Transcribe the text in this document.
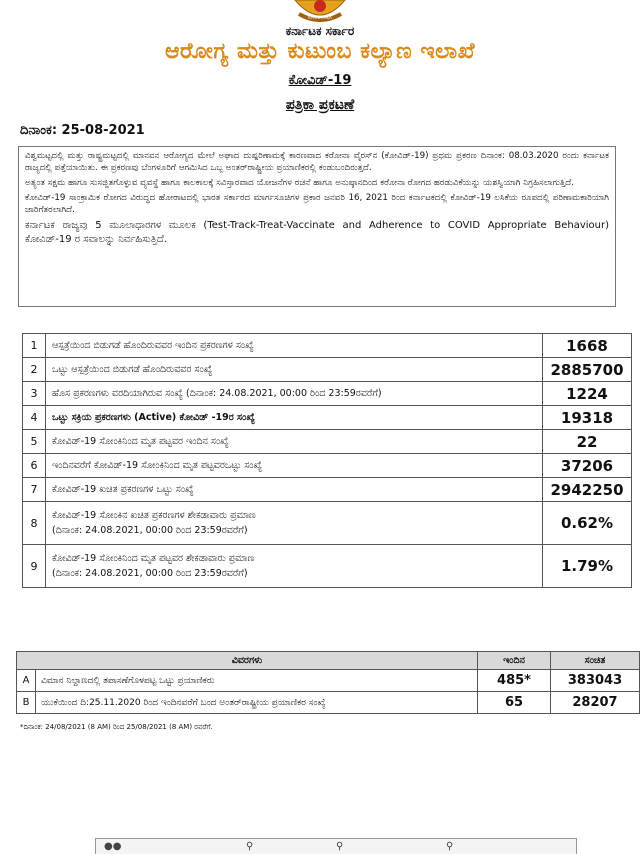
KARNATAKA
ಕರ್ನಾಟಕ ಸರ್ಕಾರ
ಆರೋಗ್ಯ ಮತ್ತು ಕುಟುಂಬ ಕಲ್ಯಾಣ ಇಲಾಖೆ
ಕೋವಿಡ್-19
ಪತ್ರಿಕಾ ಪ್ರಕಟಣೆ
ದಿನಾಂಕ: 25-08-2021

ವಿಶ್ವಮಟ್ಟದಲ್ಲಿ ಮತ್ತು ರಾಷ್ಟ್ರಮಟ್ಟದಲ್ಲಿ ಮಾನವನ ಆರೋಗ್ಯದ ಮೇಲೆ ಅಘಾದ ದುಷ್ಪರಿಣಾಮಕ್ಕೆ ಕಾರಣವಾದ ಕರೋನಾ ವೈರಸ್‌ನ (ಕೋವಿಡ್-19) ಪ್ರಥಮ ಪ್ರಕರಣ ದಿನಾಂಕ: 08.03.2020 ರಂದು ಕರ್ನಾಟಕ ರಾಜ್ಯದಲ್ಲಿ ಪತ್ತೆಯಾಯಿತು. ಈ ಪ್ರಕರಣವು ಬೆಂಗಳೂರಿಗೆ ಆಗಮಿಸಿದ ಒಬ್ಬ ಅಂತರ್‌ರಾಷ್ಟ್ರೀಯ ಪ್ರಯಾಣಿಕರಲ್ಲಿ ಕಂಡುಬಂದಿರುತ್ತದೆ.

ಅತ್ಯಂತ ಸಕ್ಷಮ ಹಾಗೂ ಸುಸಜ್ಜಿತಗೊಳ್ಳುವ ವ್ಯವಸ್ಥೆ ಹಾಗೂ ಕಾಲಕಾಲಕ್ಕೆ ಸವಿಸ್ತಾರವಾದ ಯೋಜನೆಗಳ ರಚನೆ ಹಾಗೂ ಅನುಷ್ಠಾನದಿಂದ ಕರೋನಾ ರೋಗದ ಹರಡುವಿಕೆಯನ್ನು ಯಶಸ್ವಿಯಾಗಿ ನಿಗ್ರಹಿಸಲಾಗುತ್ತಿದೆ.

ಕೋವಿಡ್-19 ಸಾಂಕ್ರಾಮಿಕ ರೋಗದ ವಿರುದ್ಧದ ಹೋರಾಟದಲ್ಲಿ ಭಾರತ ಸರ್ಕಾರದ ಮಾರ್ಗಸೂಚಿಗಳ ಪ್ರಕಾರ ಜನವರಿ 16, 2021 ರಿಂದ ಕರ್ನಾಟಕದಲ್ಲಿ ಕೋವಿಡ್-19 ಲಸಿಕೆಯ ರೂಪದಲ್ಲಿ ಪರಿಣಾಮಕಾರಿಯಾಗಿ ಜಾರಿಗೆತರಲಾಗಿದೆ.

ಕರ್ನಾಟಕ ರಾಜ್ಯವು 5 ಮೂಲಾಧಾರಗಳ ಮೂಲಕ (Test-Track-Treat-Vaccinate and Adherence to COVID Appropriate Behaviour) ಕೋವಿಡ್-19 ರ ಸವಾಲನ್ನು ನಿರ್ವಹಿಸುತ್ತಿದೆ.

1	ಆಸ್ಪತ್ರೆಯಿಂದ ಬಿಡುಗಡೆ ಹೊಂದಿರುವವರ ಇಂದಿನ ಪ್ರಕರಣಗಳ ಸಂಖ್ಯೆ	1668
2	ಒಟ್ಟು ಆಸ್ಪತ್ರೆಯಿಂದ ಬಿಡುಗಡೆ ಹೊಂದಿರುವವರ ಸಂಖ್ಯೆ	2885700
3	ಹೊಸ ಪ್ರಕರಣಗಳು ವರದಿಯಾಗಿರುವ ಸಂಖ್ಯೆ (ದಿನಾಂಕ: 24.08.2021, 00:00 ರಿಂದ 23:59ರವರೆಗೆ)	1224
4	ಒಟ್ಟು ಸಕ್ರಿಯ ಪ್ರಕರಣಗಳು (Active) ಕೋವಿಡ್ -19ರ ಸಂಖ್ಯೆ	19318
5	ಕೋವಿಡ್-19 ಸೋಂಕಿನಿಂದ ಮೃತ ಪಟ್ಟವರ ಇಂದಿನ ಸಂಖ್ಯೆ	22
6	ಇಂದಿನವರೆಗೆ ಕೋವಿಡ್-19 ಸೋಂಕಿನಿಂದ ಮೃತ ಪಟ್ಟವರಒಟ್ಟು ಸಂಖ್ಯೆ	37206
7	ಕೋವಿಡ್-19 ಖಚಿತ ಪ್ರಕರಣಗಳ ಒಟ್ಟು ಸಂಖ್ಯೆ	2942250
8	ಕೋವಿಡ್-19 ಸೋಂಕಿನ ಖಚಿತ ಪ್ರಕರಣಗಳ ಶೇಕಡಾವಾರು ಪ್ರಮಾಣ
(ದಿನಾಂಕ: 24.08.2021, 00:00 ರಿಂದ 23:59ರವರೆಗೆ)	0.62%
9	ಕೋವಿಡ್-19 ಸೋಂಕಿನಿಂದ ಮೃತ ಪಟ್ಟವರ ಶೇಕಡಾವಾರು ಪ್ರಮಾಣ
(ದಿನಾಂಕ: 24.08.2021, 00:00 ರಿಂದ 23:59ರವರೆಗೆ)	1.79%
ವಿವರಗಳು		ಇಂದಿನ	ಸಂಚಿತ
A	ವಿಮಾನ ನಿಲ್ದಾಣದಲ್ಲಿ ತಪಾಸಣೆಗೊಳಪಟ್ಟ ಒಟ್ಟು ಪ್ರಯಾಣಿಕರು	485*	383043
B	ಯುಕೆಯಿಂದ ದಿ:25.11.2020 ರಿಂದ ಇಂದಿನವರೆಗೆ ಬಂದ ಅಂತರ್‌ರಾಷ್ಟ್ರೀಯ ಪ್ರಯಾಣಿಕರ ಸಂಖ್ಯೆ	65	28207
*ದಿನಾಂಕ: 24/08/2021 (8 AM) ರಿಂದ 25/08/2021 (8 AM) ರವರೆಗೆ.
●●	⚲	⚲	⚲
